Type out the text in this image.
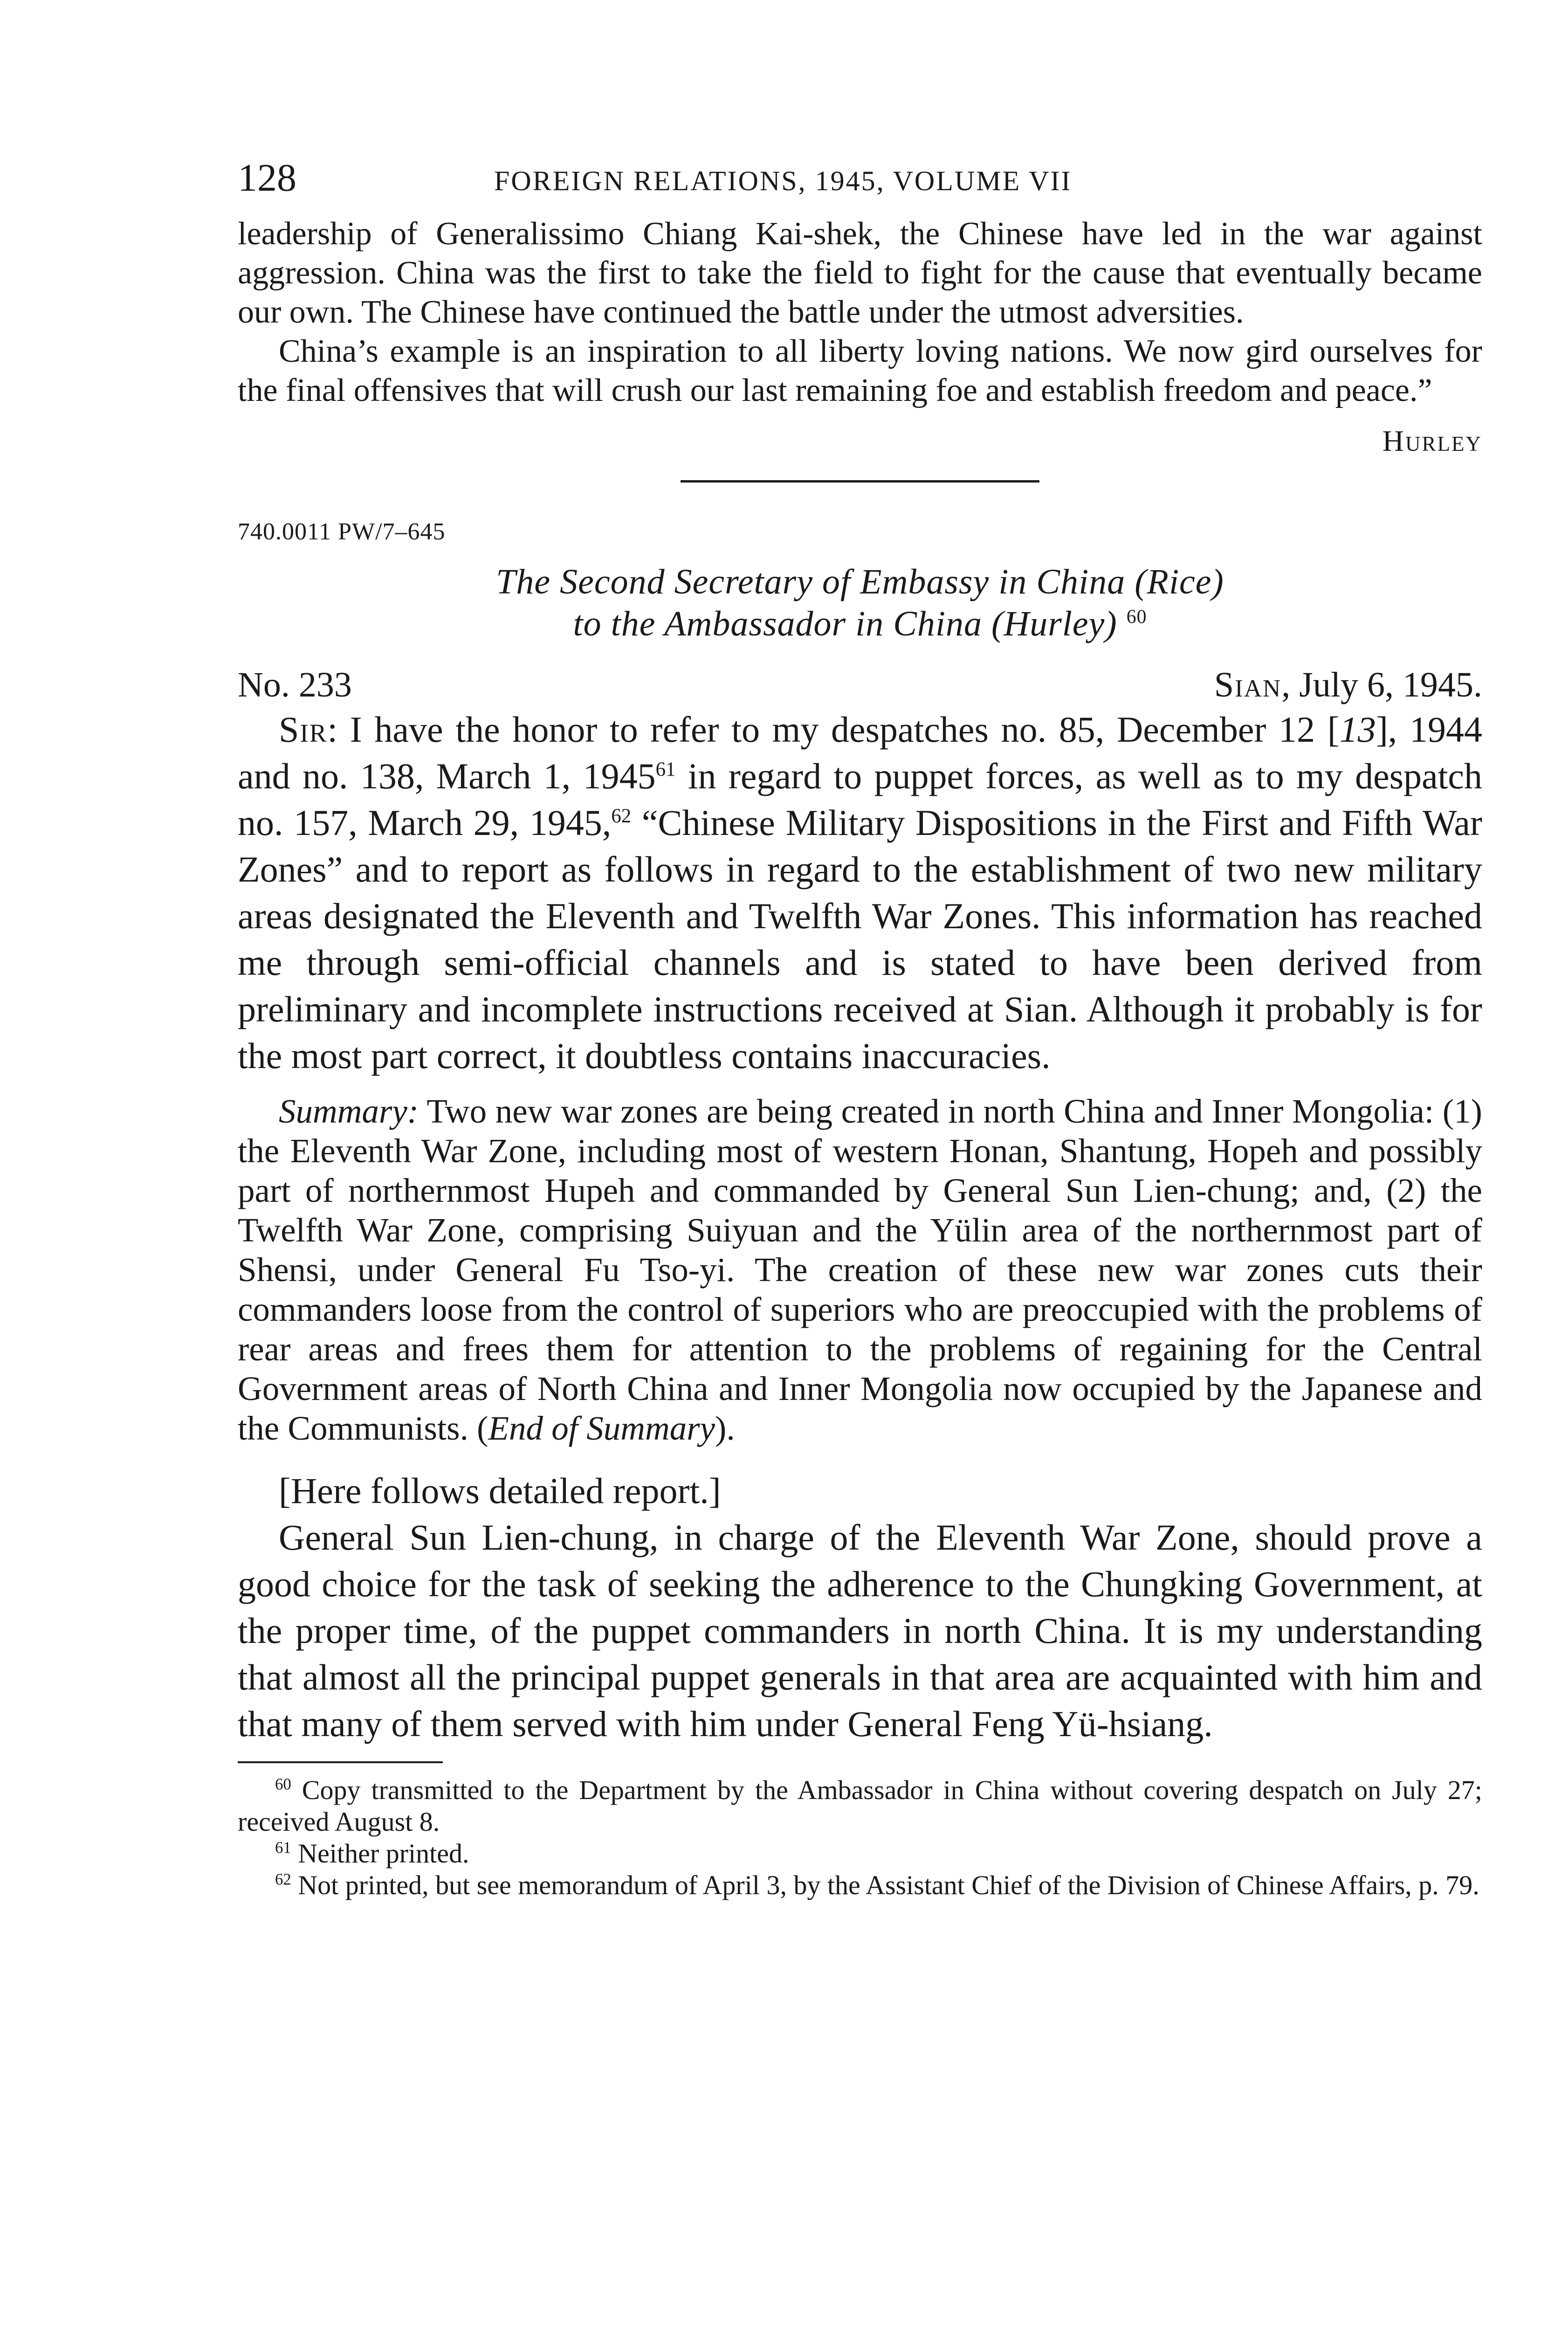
128	FOREIGN RELATIONS, 1945, VOLUME VII

leadership of Generalissimo Chiang Kai-shek, the Chinese have led in the war against aggression. China was the first to take the field to fight for the cause that eventually became our own. The Chinese have continued the battle under the utmost adversities.

China’s example is an inspiration to all liberty loving nations. We now gird ourselves for the final offensives that will crush our last remaining foe and establish freedom and peace.”

Hurley
740.0011 PW/7–645
The Second Secretary of Embassy in China (Rice)
to the Ambassador in China (Hurley) $^{60}$
No. 233	Sian, July 6, 1945.

Sir: I have the honor to refer to my despatches no. 85, December 12 [13], 1944 and no. 138, March 1, 1945$^{61}$ in regard to puppet forces, as well as to my despatch no. 157, March 29, 1945,62 “Chinese Military Dispositions in the First and Fifth War Zones” and to report as follows in regard to the establishment of two new military areas designated the Eleventh and Twelfth War Zones. This information has reached me through semi-official channels and is stated to have been derived from preliminary and incomplete instructions received at Sian. Although it probably is for the most part correct, it doubtless contains inaccuracies.

Summary: Two new war zones are being created in north China and Inner Mongolia: (1) the Eleventh War Zone, including most of western Honan, Shantung, Hopeh and possibly part of northernmost Hupeh and commanded by General Sun Lien-chung; and, (2) the Twelfth War Zone, comprising Suiyuan and the Yülin area of the northernmost part of Shensi, under General Fu Tso-yi. The creation of these new war zones cuts their commanders loose from the control of superiors who are preoccupied with the problems of rear areas and frees them for attention to the problems of regaining for the Central Government areas of North China and Inner Mongolia now occupied by the Japanese and the Communists. (End of Summary).

[Here follows detailed report.]

General Sun Lien-chung, in charge of the Eleventh War Zone, should prove a good choice for the task of seeking the adherence to the Chungking Government, at the proper time, of the puppet commanders in north China. It is my understanding that almost all the principal puppet generals in that area are acquainted with him and that many of them served with him under General Feng Yü-hsiang.

$^{60}$ Copy transmitted to the Department by the Ambassador in China without covering despatch on July 27; received August 8.

$^{61}$ Neither printed.

$^{62}$ Not printed, but see memorandum of April 3, by the Assistant Chief of the Division of Chinese Affairs, p. 79.
